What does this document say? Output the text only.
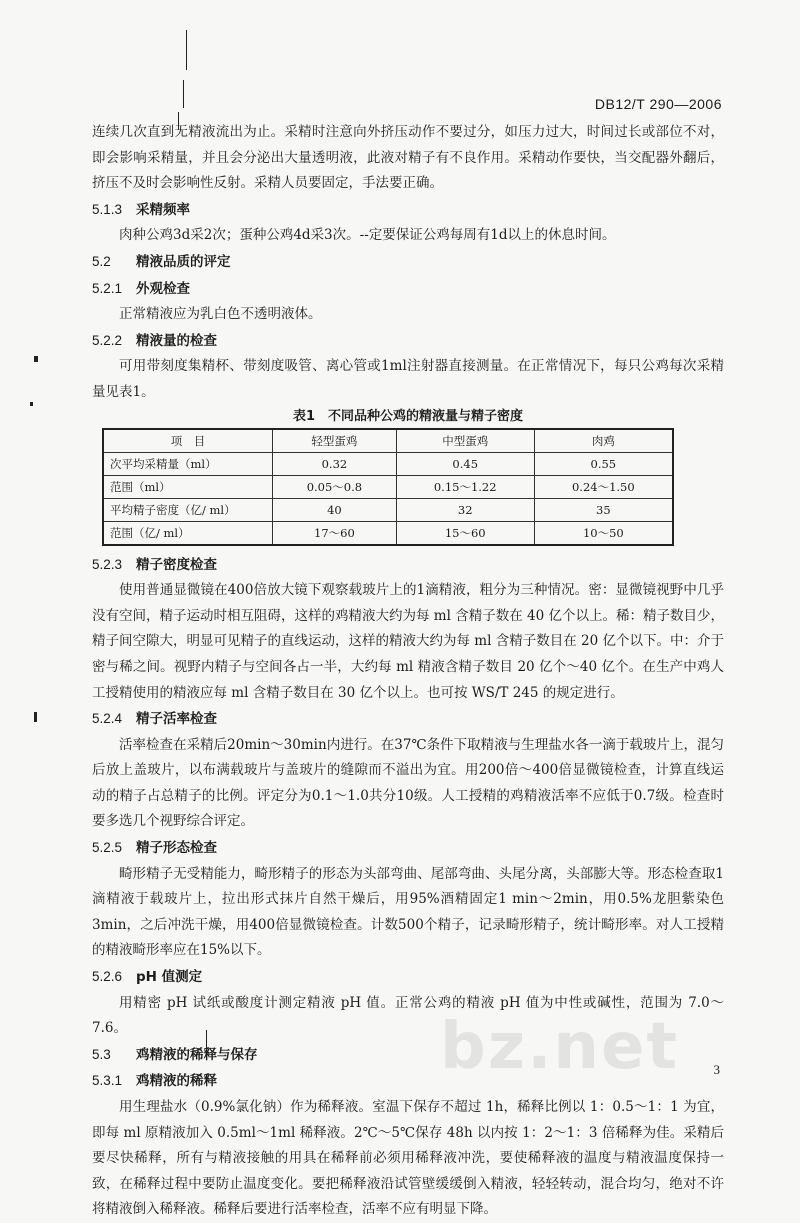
DB12/T 290—2006

连续几次直到无精液流出为止。采精时注意向外挤压动作不要过分，如压力过大，时间过长或部位不对，即会影响采精量，并且会分泌出大量透明液，此液对精子有不良作用。采精动作要快，当交配器外翻后，挤压不及时会影响性反射。采精人员要固定，手法要正确。

5.1.3 采精频率

肉种公鸡3d采2次；蛋种公鸡4d采3次。--定要保证公鸡每周有1d以上的休息时间。

5.2 精液品质的评定

5.2.1 外观检查

正常精液应为乳白色不透明液体。

5.2.2 精液量的检查

可用带刻度集精杯、带刻度吸管、离心管或1ml注射器直接测量。在正常情况下，每只公鸡每次采精量见表1。

表1　不同品种公鸡的精液量与精子密度

项　目	轻型蛋鸡	中型蛋鸡	肉鸡
次平均采精量（ml）	0.32	0.45	0.55
范围（ml）	0.05～0.8	0.15～1.22	0.24～1.50
平均精子密度（亿/ ml）	40	32	35
范围（亿/ ml）	17～60	15～60	10～50

5.2.3 精子密度检查

使用普通显微镜在400倍放大镜下观察载玻片上的1滴精液，粗分为三种情况。密：显微镜视野中几乎没有空间，精子运动时相互阻碍，这样的鸡精液大约为每 ml 含精子数在 40 亿个以上。稀：精子数目少，精子间空隙大，明显可见精子的直线运动，这样的精液大约为每 ml 含精子数目在 20 亿个以下。中：介于密与稀之间。视野内精子与空间各占一半，大约每 ml 精液含精子数目 20 亿个～40 亿个。在生产中鸡人工授精使用的精液应每 ml 含精子数目在 30 亿个以上。也可按 WS/T 245 的规定进行。

5.2.4 精子活率检查

活率检查在采精后20min～30min内进行。在37℃条件下取精液与生理盐水各一滴于载玻片上，混匀后放上盖玻片，以布满载玻片与盖玻片的缝隙而不溢出为宜。用200倍～400倍显微镜检查，计算直线运动的精子占总精子的比例。评定分为0.1～1.0共分10级。人工授精的鸡精液活率不应低于0.7级。检查时要多选几个视野综合评定。

5.2.5 精子形态检查

畸形精子无受精能力，畸形精子的形态为头部弯曲、尾部弯曲、头尾分离，头部膨大等。形态检查取1滴精液于载玻片上，拉出形式抹片自然干燥后，用95%酒精固定1 min～2min，用0.5%龙胆紫染色3min，之后冲洗干燥，用400倍显微镜检查。计数500个精子，记录畸形精子，统计畸形率。对人工授精的精液畸形率应在15%以下。

5.2.6 pH 值测定

用精密 pH 试纸或酸度计测定精液 pH 值。正常公鸡的精液 pH 值为中性或碱性，范围为 7.0～7.6。

5.3 鸡精液的稀释与保存

5.3.1 鸡精液的稀释

用生理盐水（0.9%氯化钠）作为稀释液。室温下保存不超过 1h，稀释比例以 1：0.5～1：1 为宜，即每 ml 原精液加入 0.5ml～1ml 稀释液。2℃～5℃保存 48h 以内按 1：2～1：3 倍稀释为佳。采精后要尽快稀释，所有与精液接触的用具在稀释前必须用稀释液冲洗，要使稀释液的温度与精液温度保持一致，在稀释过程中要防止温度变化。要把稀释液沿试管壁缓缓倒入精液，轻轻转动，混合均匀，绝对不许将精液倒入稀释液。稀释后要进行活率检查，活率不应有明显下降。

bz.net	3
